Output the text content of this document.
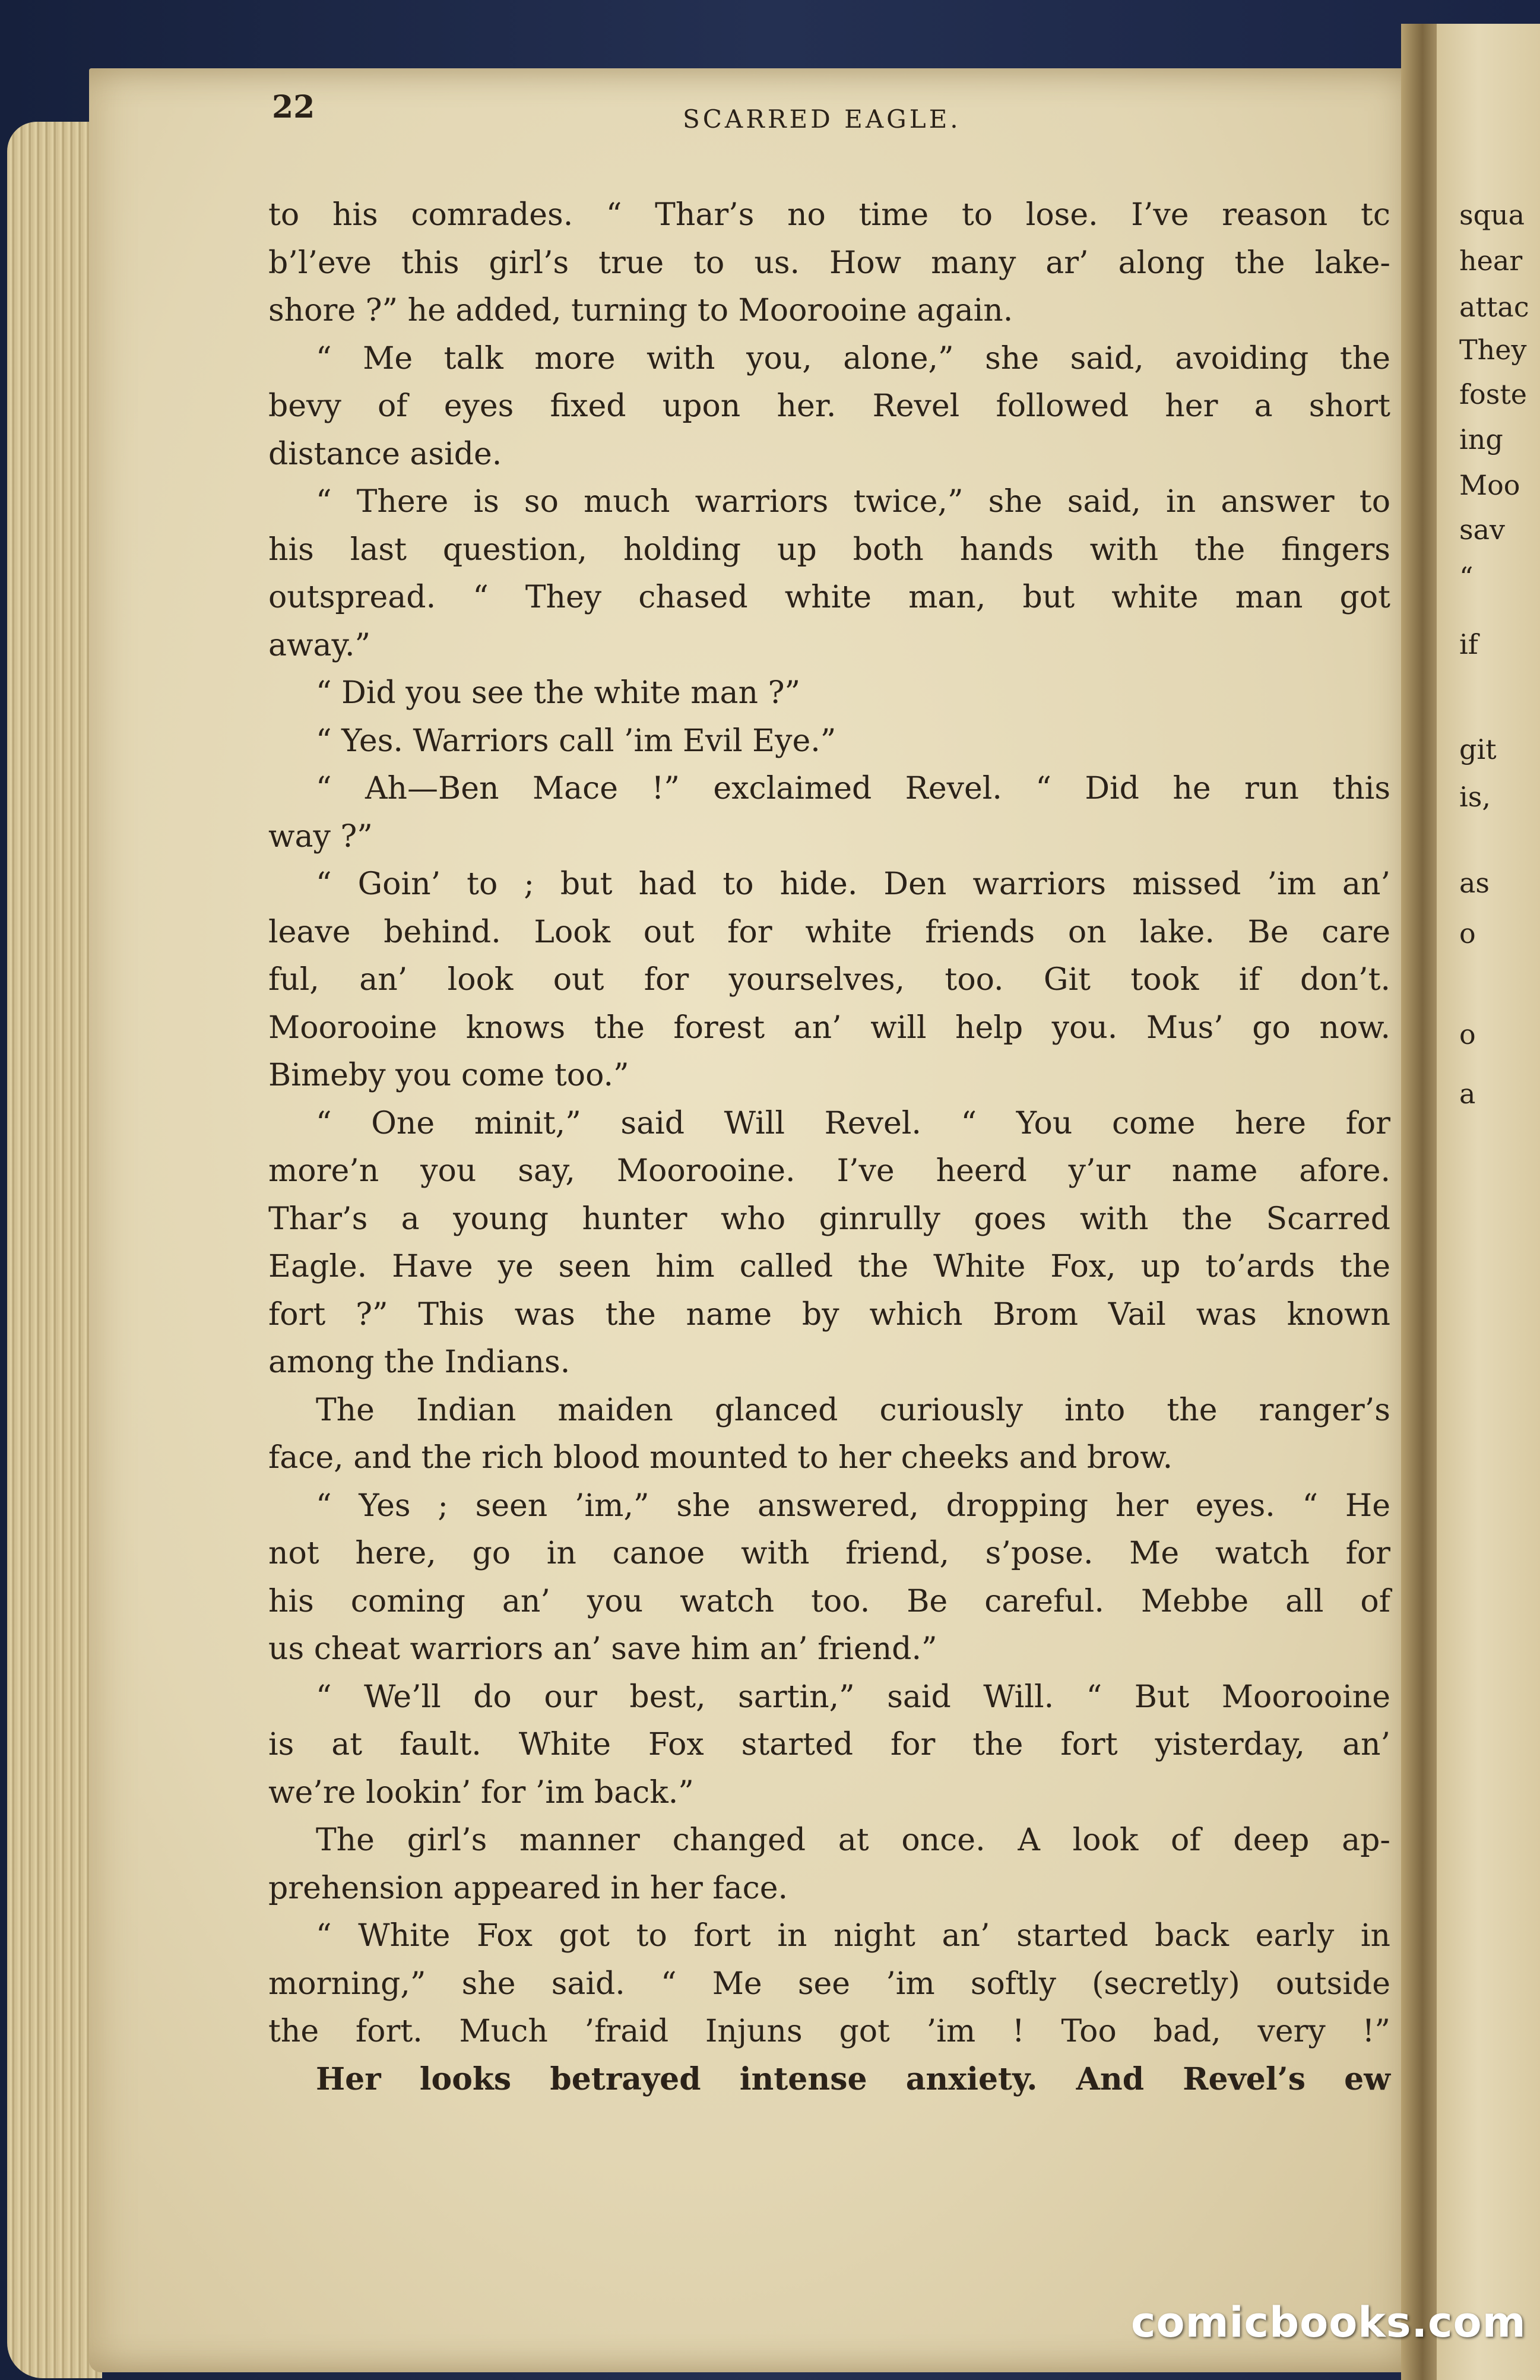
squa
hear
attac
They
foste
ing
Moo
sav
“
if
git
is,
as
o
o
a
22	SCARRED EAGLE.

to his comrades. “ Thar’s no time to lose. I’ve reason tc

b’l’eve this girl’s true to us. How many ar’ along the lake-

shore ?” he added, turning to Moorooine again.

“ Me talk more with you, alone,” she said, avoiding the

bevy of eyes fixed upon her. Revel followed her a short

distance aside.

“ There is so much warriors twice,” she said, in answer to

his last question, holding up both hands with the fingers

outspread. “ They chased white man, but white man got

away.”

“ Did you see the white man ?”

“ Yes. Warriors call ’im Evil Eye.”

“ Ah—Ben Mace !” exclaimed Revel. “ Did he run this

way ?”

“ Goin’ to ; but had to hide. Den warriors missed ’im an’

leave behind. Look out for white friends on lake. Be care

ful, an’ look out for yourselves, too. Git took if don’t.

Moorooine knows the forest an’ will help you. Mus’ go now.

Bimeby you come too.”

“ One minit,” said Will Revel. “ You come here for

more’n you say, Moorooine. I’ve heerd y’ur name afore.

Thar’s a young hunter who ginrully goes with the Scarred

Eagle. Have ye seen him called the White Fox, up to’ards the

fort ?” This was the name by which Brom Vail was known

among the Indians.

The Indian maiden glanced curiously into the ranger’s

face, and the rich blood mounted to her cheeks and brow.

“ Yes ; seen ’im,” she answered, dropping her eyes. “ He

not here, go in canoe with friend, s’pose. Me watch for

his coming an’ you watch too. Be careful. Mebbe all of

us cheat warriors an’ save him an’ friend.”

“ We’ll do our best, sartin,” said Will. “ But Moorooine

is at fault. White Fox started for the fort yisterday, an’

we’re lookin’ for ’im back.”

The girl’s manner changed at once. A look of deep ap-

prehension appeared in her face.

“ White Fox got to fort in night an’ started back early in

morning,” she said. “ Me see ’im softly (secretly) outside

the fort. Much ’fraid Injuns got ’im ! Too bad, very !”

Her looks betrayed intense anxiety. And Revel’s ew

comicbooks.com
